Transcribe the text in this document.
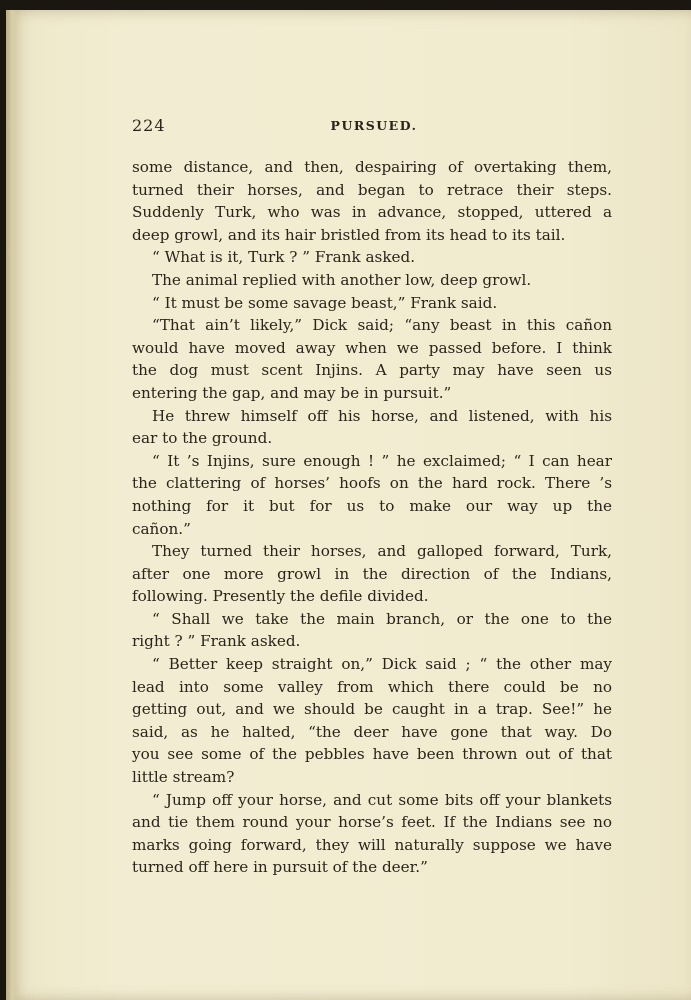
224	PURSUED.

some distance, and then, despairing of overtaking them,

turned their horses, and began to retrace their steps.

Suddenly Turk, who was in advance, stopped, uttered a

deep growl, and its hair bristled from its head to its tail.

“ What is it, Turk ? ” Frank asked.

The animal replied with another low, deep growl.

“ It must be some savage beast,” Frank said.

“That ain’t likely,” Dick said; “any beast in this cañon

would have moved away when we passed before. I think

the dog must scent Injins. A party may have seen us

entering the gap, and may be in pursuit.”

He threw himself off his horse, and listened, with his

ear to the ground.

“ It ’s Injins, sure enough ! ” he exclaimed; “ I can hear

the clattering of horses’ hoofs on the hard rock. There ’s

nothing for it but for us to make our way up the

cañon.”

They turned their horses, and galloped forward, Turk,

after one more growl in the direction of the Indians,

following. Presently the defile divided.

“ Shall we take the main branch, or the one to the

right ? ” Frank asked.

“ Better keep straight on,” Dick said ; “ the other may

lead into some valley from which there could be no

getting out, and we should be caught in a trap. See!” he

said, as he halted, “the deer have gone that way. Do

you see some of the pebbles have been thrown out of that

little stream?

“ Jump off your horse, and cut some bits off your blankets

and tie them round your horse’s feet. If the Indians see no

marks going forward, they will naturally suppose we have

turned off here in pursuit of the deer.”
